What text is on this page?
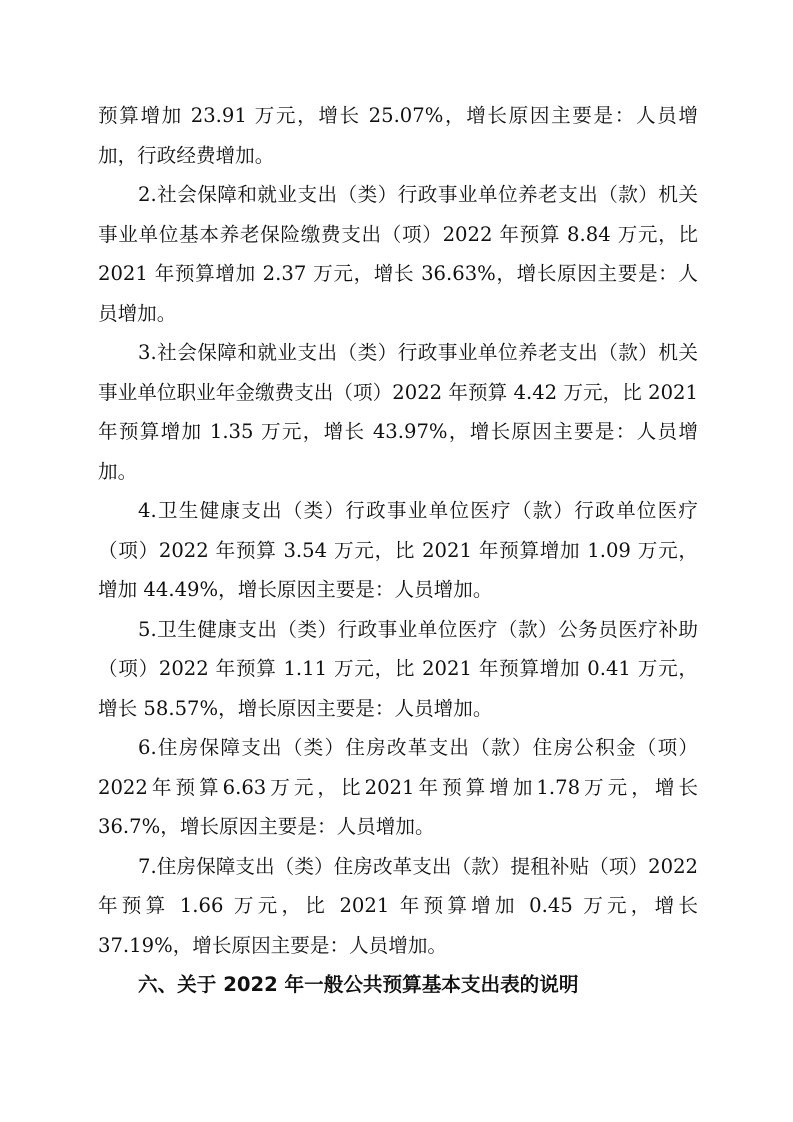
预算增加 23.91 万元，增长 25.07%，增长原因主要是：人员增加，行政经费增加。

2.社会保障和就业支出（类）行政事业单位养老支出（款）机关事业单位基本养老保险缴费支出（项）2022 年预算 8.84 万元，比 2021 年预算增加 2.37 万元，增长 36.63%，增长原因主要是：人员增加。

3.社会保障和就业支出（类）行政事业单位养老支出（款）机关事业单位职业年金缴费支出（项）2022 年预算 4.42 万元，比 2021 年预算增加 1.35 万元，增长 43.97%，增长原因主要是：人员增加。

4.卫生健康支出（类）行政事业单位医疗（款）行政单位医疗（项）2022 年预算 3.54 万元，比 2021 年预算增加 1.09 万元，增加 44.49%，增长原因主要是：人员增加。

5.卫生健康支出（类）行政事业单位医疗（款）公务员医疗补助（项）2022 年预算 1.11 万元，比 2021 年预算增加 0.41 万元，增长 58.57%，增长原因主要是：人员增加。

6.住房保障支出（类）住房改革支出（款）住房公积金（项）2022年预算6.63万元，比2021年预算增加1.78万元，增长 36.7%，增长原因主要是：人员增加。

7.住房保障支出（类）住房改革支出（款）提租补贴（项）2022 年预算 1.66 万元，比 2021 年预算增加 0.45 万元，增长 37.19%，增长原因主要是：人员增加。

六、关于 2022 年一般公共预算基本支出表的说明
